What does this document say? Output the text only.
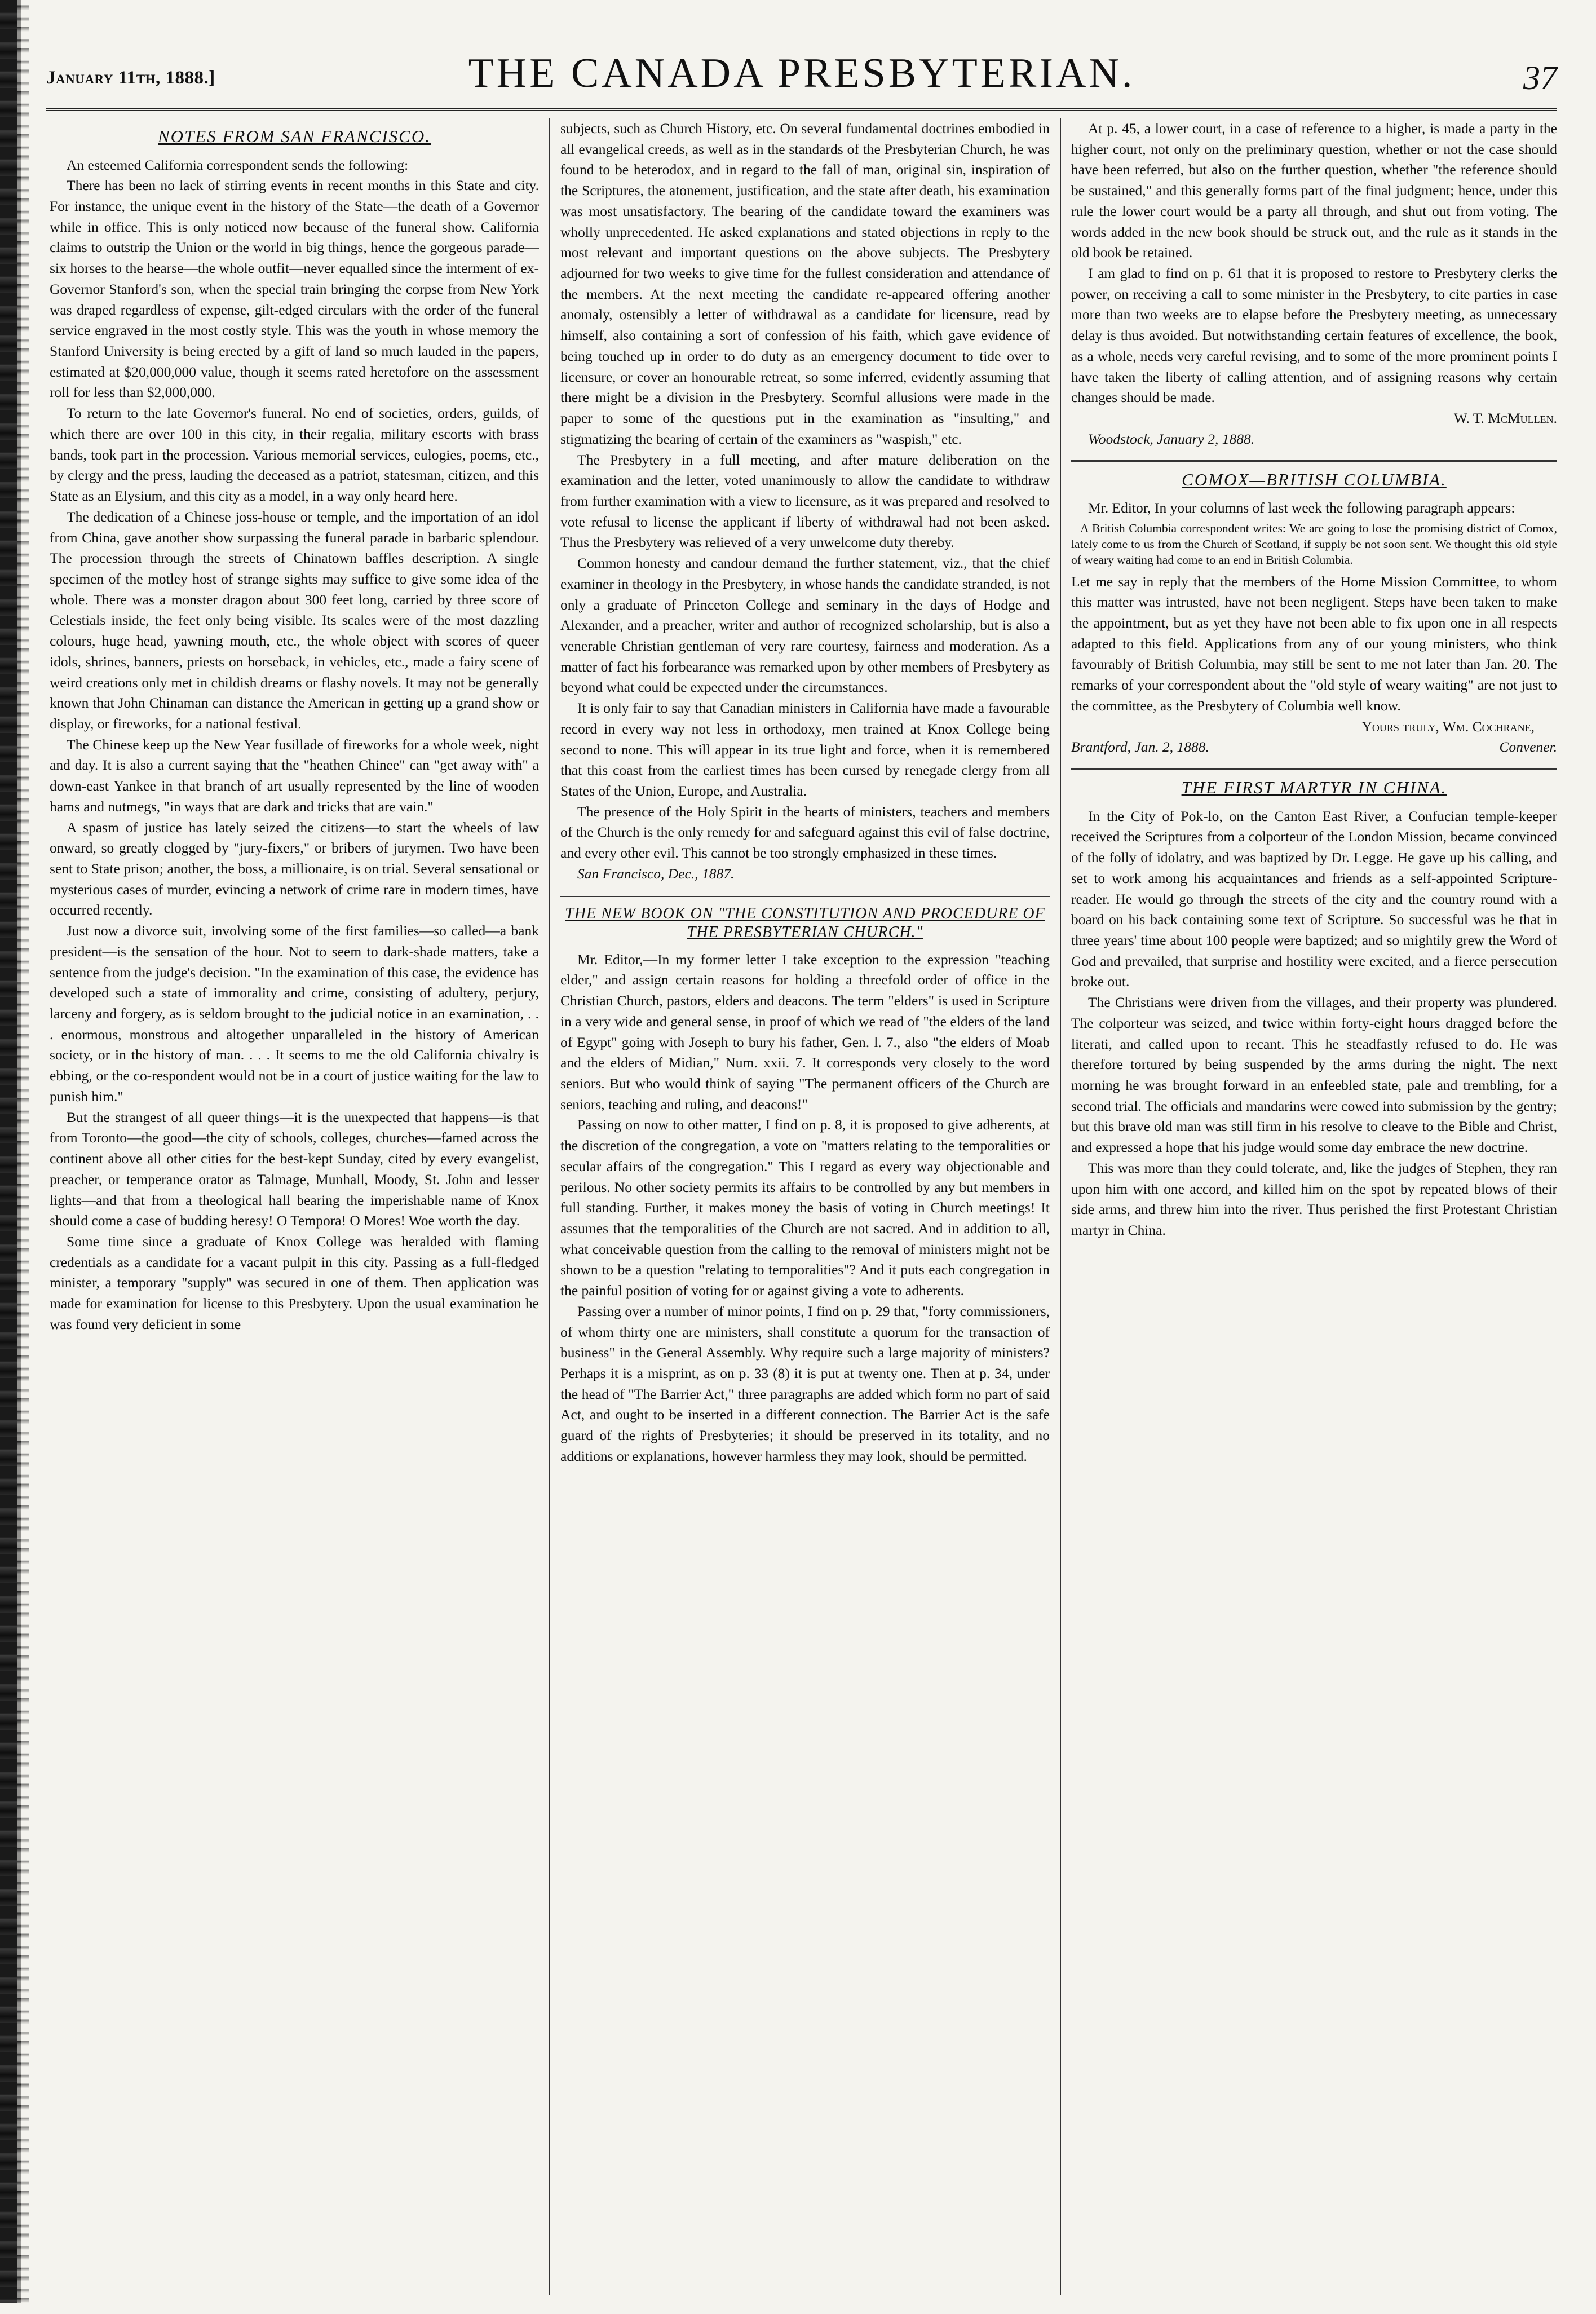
January 11th, 1888.]	THE CANADA PRESBYTERIAN.	37
NOTES FROM SAN FRANCISCO.

An esteemed California correspondent sends the following:

There has been no lack of stirring events in recent months in this State and city. For instance, the unique event in the history of the State—the death of a Governor while in office. This is only noticed now because of the funeral show. California claims to outstrip the Union or the world in big things, hence the gorgeous parade—six horses to the hearse—the whole outfit—never equalled since the interment of ex-Governor Stanford's son, when the special train bringing the corpse from New York was draped regardless of expense, gilt-edged circulars with the order of the funeral service engraved in the most costly style. This was the youth in whose memory the Stanford University is being erected by a gift of land so much lauded in the papers, estimated at $20,000,000 value, though it seems rated heretofore on the assessment roll for less than $2,000,000.

To return to the late Governor's funeral. No end of societies, orders, guilds, of which there are over 100 in this city, in their regalia, military escorts with brass bands, took part in the procession. Various memorial services, eulogies, poems, etc., by clergy and the press, lauding the deceased as a patriot, statesman, citizen, and this State as an Elysium, and this city as a model, in a way only heard here.

The dedication of a Chinese joss-house or temple, and the importation of an idol from China, gave another show surpassing the funeral parade in barbaric splendour. The procession through the streets of Chinatown baffles description. A single specimen of the motley host of strange sights may suffice to give some idea of the whole. There was a monster dragon about 300 feet long, carried by three score of Celestials inside, the feet only being visible. Its scales were of the most dazzling colours, huge head, yawning mouth, etc., the whole object with scores of queer idols, shrines, banners, priests on horseback, in vehicles, etc., made a fairy scene of weird creations only met in childish dreams or flashy novels. It may not be generally known that John Chinaman can distance the American in getting up a grand show or display, or fireworks, for a national festival.

The Chinese keep up the New Year fusillade of fireworks for a whole week, night and day. It is also a current saying that the "heathen Chinee" can "get away with" a down-east Yankee in that branch of art usually represented by the line of wooden hams and nutmegs, "in ways that are dark and tricks that are vain."

A spasm of justice has lately seized the citizens—to start the wheels of law onward, so greatly clogged by "jury-fixers," or bribers of jurymen. Two have been sent to State prison; another, the boss, a millionaire, is on trial. Several sensational or mysterious cases of murder, evincing a network of crime rare in modern times, have occurred recently.

Just now a divorce suit, involving some of the first families—so called—a bank president—is the sensation of the hour. Not to seem to dark-shade matters, take a sentence from the judge's decision. "In the examination of this case, the evidence has developed such a state of immorality and crime, consisting of adultery, perjury, larceny and forgery, as is seldom brought to the judicial notice in an examination, . . . enormous, monstrous and altogether unparalleled in the history of American society, or in the history of man. . . . It seems to me the old California chivalry is ebbing, or the co-respondent would not be in a court of justice waiting for the law to punish him."

But the strangest of all queer things—it is the unexpected that happens—is that from Toronto—the good—the city of schools, colleges, churches—famed across the continent above all other cities for the best-kept Sunday, cited by every evangelist, preacher, or temperance orator as Talmage, Munhall, Moody, St. John and lesser lights—and that from a theological hall bearing the imperishable name of Knox should come a case of budding heresy! O Tempora! O Mores! Woe worth the day.

Some time since a graduate of Knox College was heralded with flaming credentials as a candidate for a vacant pulpit in this city. Passing as a full-fledged minister, a temporary "supply" was secured in one of them. Then application was made for examination for license to this Presbytery. Upon the usual examination he was found very deficient in some

subjects, such as Church History, etc. On several fundamental doctrines embodied in all evangelical creeds, as well as in the standards of the Presbyterian Church, he was found to be heterodox, and in regard to the fall of man, original sin, inspiration of the Scriptures, the atonement, justification, and the state after death, his examination was most unsatisfactory. The bearing of the candidate toward the examiners was wholly unprecedented. He asked explanations and stated objections in reply to the most relevant and important questions on the above subjects. The Presbytery adjourned for two weeks to give time for the fullest consideration and attendance of the members. At the next meeting the candidate re-appeared offering another anomaly, ostensibly a letter of withdrawal as a candidate for licensure, read by himself, also containing a sort of confession of his faith, which gave evidence of being touched up in order to do duty as an emergency document to tide over to licensure, or cover an honourable retreat, so some inferred, evidently assuming that there might be a division in the Presbytery. Scornful allusions were made in the paper to some of the questions put in the examination as "insulting," and stigmatizing the bearing of certain of the examiners as "waspish," etc.

The Presbytery in a full meeting, and after mature deliberation on the examination and the letter, voted unanimously to allow the candidate to withdraw from further examination with a view to licensure, as it was prepared and resolved to vote refusal to license the applicant if liberty of withdrawal had not been asked. Thus the Presbytery was relieved of a very unwelcome duty thereby.

Common honesty and candour demand the further statement, viz., that the chief examiner in theology in the Presbytery, in whose hands the candidate stranded, is not only a graduate of Princeton College and seminary in the days of Hodge and Alexander, and a preacher, writer and author of recognized scholarship, but is also a venerable Christian gentleman of very rare courtesy, fairness and moderation. As a matter of fact his forbearance was remarked upon by other members of Presbytery as beyond what could be expected under the circumstances.

It is only fair to say that Canadian ministers in California have made a favourable record in every way not less in orthodoxy, men trained at Knox College being second to none. This will appear in its true light and force, when it is remembered that this coast from the earliest times has been cursed by renegade clergy from all States of the Union, Europe, and Australia.

The presence of the Holy Spirit in the hearts of ministers, teachers and members of the Church is the only remedy for and safeguard against this evil of false doctrine, and every other evil. This cannot be too strongly emphasized in these times.

San Francisco, Dec., 1887.

THE NEW BOOK ON "THE CONSTITUTION AND PROCEDURE OF THE PRESBYTERIAN CHURCH."

Mr. Editor,—In my former letter I take exception to the expression "teaching elder," and assign certain reasons for holding a threefold order of office in the Christian Church, pastors, elders and deacons. The term "elders" is used in Scripture in a very wide and general sense, in proof of which we read of "the elders of the land of Egypt" going with Joseph to bury his father, Gen. l. 7., also "the elders of Moab and the elders of Midian," Num. xxii. 7. It corresponds very closely to the word seniors. But who would think of saying "The permanent officers of the Church are seniors, teaching and ruling, and deacons!"

Passing on now to other matter, I find on p. 8, it is proposed to give adherents, at the discretion of the congregation, a vote on "matters relating to the temporalities or secular affairs of the congregation." This I regard as every way objectionable and perilous. No other society permits its affairs to be controlled by any but members in full standing. Further, it makes money the basis of voting in Church meetings! It assumes that the temporalities of the Church are not sacred. And in addition to all, what conceivable question from the calling to the removal of ministers might not be shown to be a question "relating to temporalities"? And it puts each congregation in the painful position of voting for or against giving a vote to adherents.

Passing over a number of minor points, I find on p. 29 that, "forty commissioners, of whom thirty one are ministers, shall constitute a quorum for the transaction of business" in the General Assembly. Why require such a large majority of ministers? Perhaps it is a misprint, as on p. 33 (8) it is put at twenty one. Then at p. 34, under the head of "The Barrier Act," three paragraphs are added which form no part of said Act, and ought to be inserted in a different connection. The Barrier Act is the safe guard of the rights of Presbyteries; it should be preserved in its totality, and no additions or explanations, however harmless they may look, should be permitted.

At p. 45, a lower court, in a case of reference to a higher, is made a party in the higher court, not only on the preliminary question, whether or not the case should have been referred, but also on the further question, whether "the reference should be sustained," and this generally forms part of the final judgment; hence, under this rule the lower court would be a party all through, and shut out from voting. The words added in the new book should be struck out, and the rule as it stands in the old book be retained.

I am glad to find on p. 61 that it is proposed to restore to Presbytery clerks the power, on receiving a call to some minister in the Presbytery, to cite parties in case more than two weeks are to elapse before the Presbytery meeting, as unnecessary delay is thus avoided. But notwithstanding certain features of excellence, the book, as a whole, needs very careful revising, and to some of the more prominent points I have taken the liberty of calling attention, and of assigning reasons why certain changes should be made.

W. T. McMullen.

Woodstock, January 2, 1888.

COMOX—BRITISH COLUMBIA.

Mr. Editor, In your columns of last week the following paragraph appears:

A British Columbia correspondent writes: We are going to lose the promising district of Comox, lately come to us from the Church of Scotland, if supply be not soon sent. We thought this old style of weary waiting had come to an end in British Columbia.

Let me say in reply that the members of the Home Mission Committee, to whom this matter was intrusted, have not been negligent. Steps have been taken to make the appointment, but as yet they have not been able to fix upon one in all respects adapted to this field. Applications from any of our young ministers, who think favourably of British Columbia, may still be sent to me not later than Jan. 20. The remarks of your correspondent about the "old style of weary waiting" are not just to the committee, as the Presbytery of Columbia well know.

Yours truly, Wm. Cochrane,
Brantford, Jan. 2, 1888.	Convener.
THE FIRST MARTYR IN CHINA.

In the City of Pok-lo, on the Canton East River, a Confucian temple-keeper received the Scriptures from a colporteur of the London Mission, became convinced of the folly of idolatry, and was baptized by Dr. Legge. He gave up his calling, and set to work among his acquaintances and friends as a self-appointed Scripture-reader. He would go through the streets of the city and the country round with a board on his back containing some text of Scripture. So successful was he that in three years' time about 100 people were baptized; and so mightily grew the Word of God and prevailed, that surprise and hostility were excited, and a fierce persecution broke out.

The Christians were driven from the villages, and their property was plundered. The colporteur was seized, and twice within forty-eight hours dragged before the literati, and called upon to recant. This he steadfastly refused to do. He was therefore tortured by being suspended by the arms during the night. The next morning he was brought forward in an enfeebled state, pale and trembling, for a second trial. The officials and mandarins were cowed into submission by the gentry; but this brave old man was still firm in his resolve to cleave to the Bible and Christ, and expressed a hope that his judge would some day embrace the new doctrine.

This was more than they could tolerate, and, like the judges of Stephen, they ran upon him with one accord, and killed him on the spot by repeated blows of their side arms, and threw him into the river. Thus perished the first Protestant Christian martyr in China.
